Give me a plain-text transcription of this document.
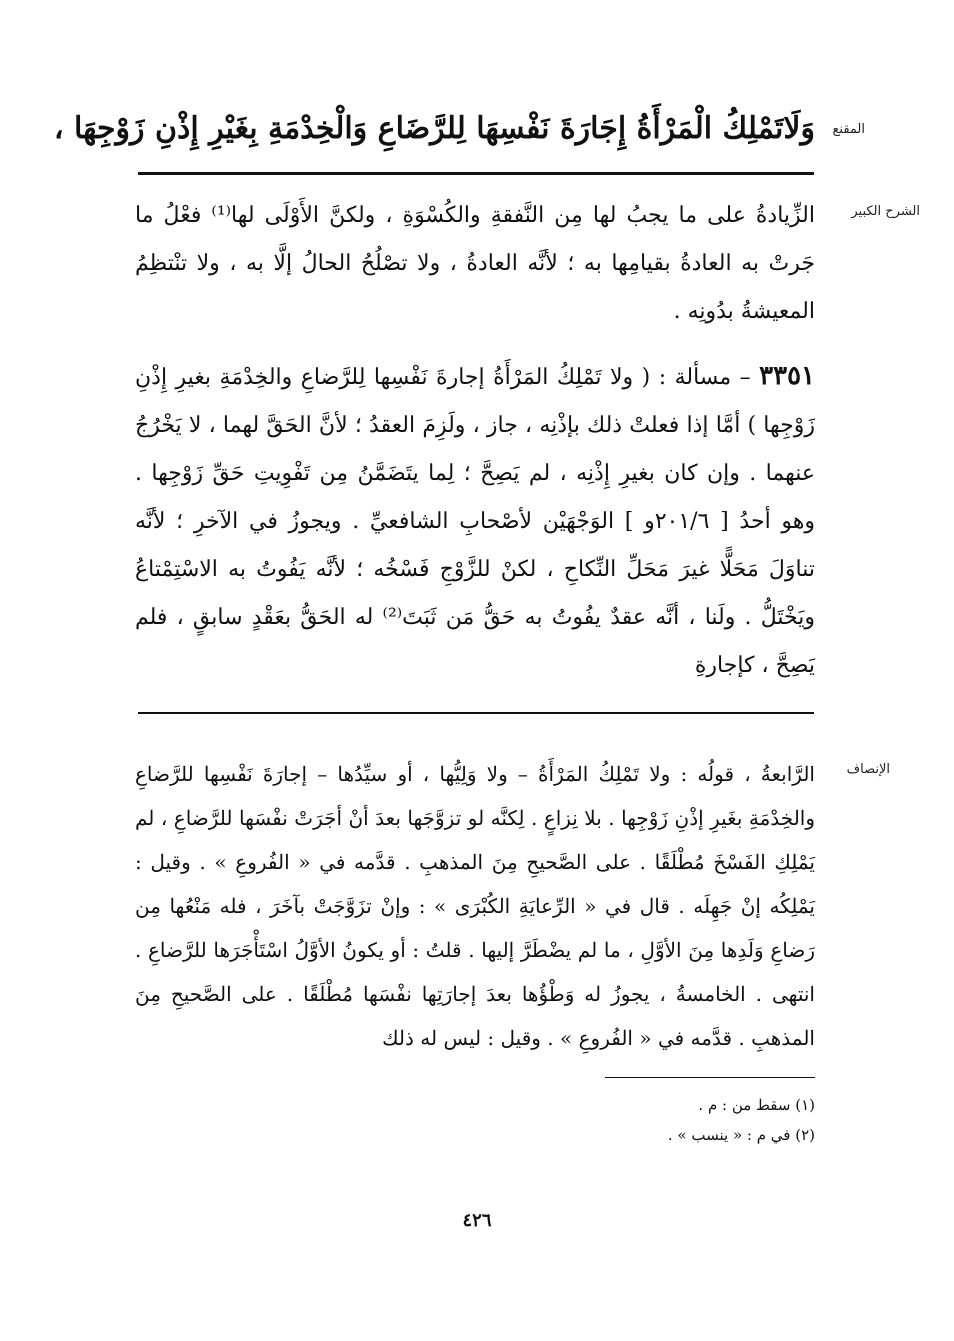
المقنع

وَلَاتَمْلِكُ الْمَرْأَةُ إِجَارَةَ نَفْسِهَا لِلرَّضَاعِ وَالْخِدْمَةِ بِغَيْرِ إِذْنِ زَوْجِهَا ،

الشرح الكبير

الزِّيادةُ على ما يجبُ لها مِن النَّفقةِ والكُسْوَةِ ، ولكنَّ الأَوْلَى لها⁽¹⁾ فعْلُ ما جَرتْ به العادةُ بقيامِها به ؛ لأنَّه العادةُ ، ولا تصْلُحُ الحالُ إلَّا به ، ولا تنْتظِمُ المعيشةُ بدُونِه .

٣٣٥١ – مسألة : ( ولا تَمْلِكُ المَرْأَةُ إجارةَ نَفْسِها لِلرَّضاعِ والخِدْمَةِ بغيرِ إِذْنِ زَوْجِها ) أمَّا إذا فعلتْ ذلك بإذْنِه ، جاز ، ولَزِمَ العقدُ ؛ لأنَّ الحَقَّ لهما ، لا يَخْرُجُ عنهما . وإن كان بغيرِ إِذْنِه ، لم يَصِحَّ ؛ لِما يتَضَمَّنُ مِن تَفْوِيتِ حَقِّ زَوْجِها . وهو أحدُ [ ٢٠١/٦و ] الوَجْهَيْن لأصْحابِ الشافعيِّ . ويجوزُ في الآخرِ ؛ لأنَّه تناوَلَ مَحَلًّا غيرَ مَحَلِّ النِّكاحِ ، لكنْ للزَّوْجِ فَسْخُه ؛ لأنَّه يَفُوتُ به الاسْتِمْتاعُ ويَخْتَلُّ . ولَنا ، أنَّه عقدٌ يفُوتُ به حَقُّ مَن ثَبَتَ⁽²⁾ له الحَقُّ بعَقْدٍ سابقٍ ، فلم يَصِحَّ ، كإجارةِ

الإنصاف

الرَّابعةُ ، قولُه : ولا تَمْلِكُ المَرْأَةُ – ولا وَلِيُّها ، أو سيِّدُها – إجارَةَ نَفْسِها للرَّضاعِ والخِدْمَةِ بغَيرِ إذْنِ زَوْجِها . بلا نِزاعٍ . لِكنَّه لو تزوَّجَها بعدَ أنْ أجَرَتْ نفْسَها للرَّضاعِ ، لم يَمْلِكِ الفَسْخَ مُطْلَقًا . على الصَّحيحِ مِنَ المذهبِ . قدَّمه في « الفُروعِ » . وقيل : يَمْلِكُه إنْ جَهِلَه . قال في « الرِّعايَةِ الكُبْرَى » : وإنْ تزَوَّجَتْ بآخَرَ ، فله مَنْعُها مِن رَضاعِ وَلَدِها مِنَ الأوَّلِ ، ما لم يضْطَرَّ إليها . قلتُ : أو يكونُ الأوَّلُ اسْتَأْجَرَها للرَّضاعِ . انتهى . الخامسةُ ، يجوزُ له وَطْؤُها بعدَ إجارَتِها نفْسَها مُطْلَقًا . على الصَّحيحِ مِنَ المذهبِ . قدَّمه في « الفُروعِ » . وقيل : ليس له ذلك

(١) سقط من : م .
(٢) في م : « ينسب » .
٤٢٦
